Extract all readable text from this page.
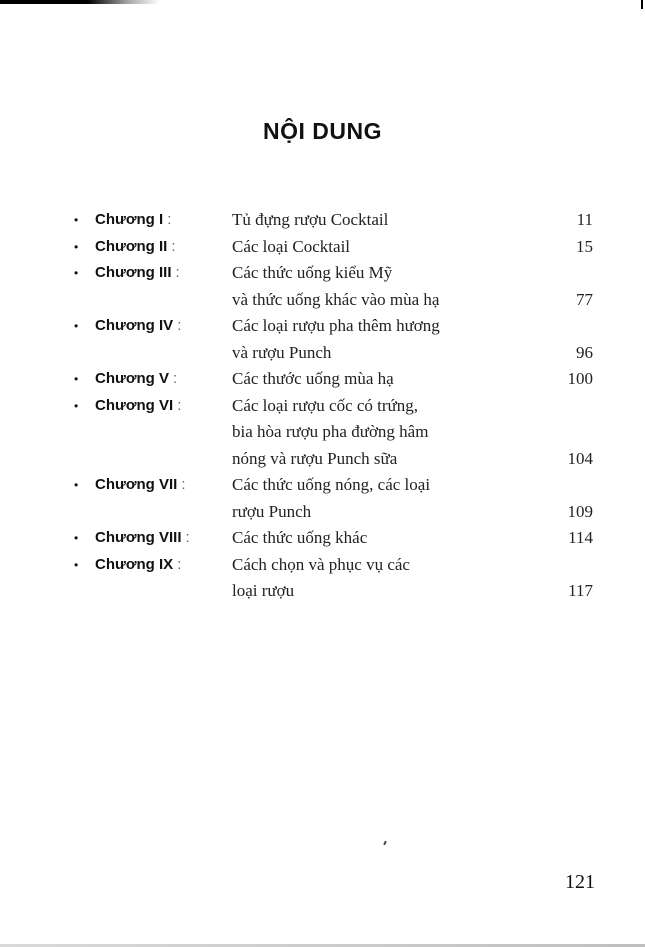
NỘI DUNG
• Chương I :	Tủ đựng rượu Cocktail	11
• Chương II :	Các loại Cocktail	15
• Chương III :	Các thức uống kiểu Mỹ
và thức uống khác vào mùa hạ	77
• Chương IV :	Các loại rượu pha thêm hương
và rượu Punch	96
• Chương V :	Các thước uống mùa hạ	100
• Chương VI :	Các loại rượu cốc có trứng,
bia hòa rượu pha đường hâm
nóng và rượu Punch sữa	104
• Chương VII :	Các thức uống nóng, các loại
rượu Punch	109
• Chương VIII : Các thức uống khác	114
• Chương IX :	Cách chọn và phục vụ các
loại rượu	117
121
